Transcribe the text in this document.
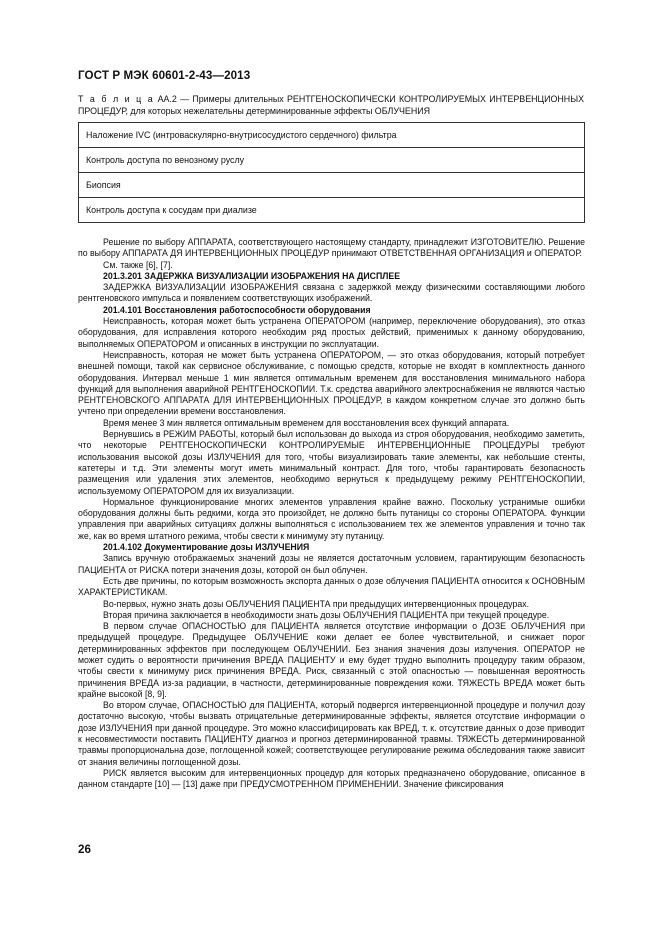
ГОСТ Р МЭК 60601-2-43—2013
Т а б л и ц а АА.2 — Примеры длительных РЕНТГЕНОСКОПИЧЕСКИ КОНТРОЛИРУЕМЫХ ИНТЕРВЕНЦИОННЫХ ПРОЦЕДУР, для которых нежелательны детерминированные эффекты ОБЛУЧЕНИЯ
Наложение IVC (интроваскулярно-внутрисосудистого сердечного) фильтра
Контроль доступа по венозному руслу
Биопсия
Контроль доступа к сосудам при диализе

Решение по выбору АППАРАТА, соответствующего настоящему стандарту, принадлежит ИЗГОТОВИТЕЛЮ. Решение по выбору АППАРАТА ДЯ ИНТЕРВЕНЦИОННЫХ ПРОЦЕДУР принимают ОТВЕТСТВЕННАЯ ОРГАНИЗАЦИЯ и ОПЕРАТОР.

См. также [6], [7].

201.3.201 ЗАДЕРЖКА ВИЗУАЛИЗАЦИИ ИЗОБРАЖЕНИЯ НА ДИСПЛЕЕ

ЗАДЕРЖКА ВИЗУАЛИЗАЦИИ ИЗОБРАЖЕНИЯ связана с задержкой между физическими составляющими любого рентгеновского импульса и появлением соответствующих изображений.

201.4.101 Восстановления работоспособности оборудования

Неисправность, которая может быть устранена ОПЕРАТОРОМ (например, переключение оборудования), это отказ оборудования, для исправления которого необходим ряд простых действий, применимых к данному оборудованию, выполняемых ОПЕРАТОРОМ и описанных в инструкции по эксплуатации.

Неисправность, которая не может быть устранена ОПЕРАТОРОМ, — это отказ оборудования, который потребует внешней помощи, такой как сервисное обслуживание, с помощью средств, которые не входят в комплектность данного оборудования. Интервал меньше 1 мин является оптимальным временем для восстановления минимального набора функций для выполнения аварийной РЕНТГЕНОСКОПИИ. Т.к. средства аварийного электроснабжения не являются частью РЕНТГЕНОВСКОГО АППАРАТА ДЛЯ ИНТЕРВЕНЦИОННЫХ ПРОЦЕДУР, в каждом конкретном случае это должно быть учтено при определении времени восстановления.

Время менее 3 мин является оптимальным временем для восстановления всех функций аппарата.

Вернувшись в РЕЖИМ РАБОТЫ, который был использован до выхода из строя оборудования, необходимо заметить, что некоторые РЕНТГЕНОСКОПИЧЕСКИ КОНТРОЛИРУЕМЫЕ ИНТЕРВЕНЦИОННЫЕ ПРОЦЕДУРЫ требуют использования высокой дозы ИЗЛУЧЕНИЯ для того, чтобы визуализировать такие элементы, как небольшие стенты, катетеры и т.д. Эти элементы могут иметь минимальный контраст. Для того, чтобы гарантировать безопасность размещения или удаления этих элементов, необходимо вернуться к предыдущему режиму РЕНТГЕНОСКОПИИ, используемому ОПЕРАТОРОМ для их визуализации.

Нормальное функционирование многих элементов управления крайне важно. Поскольку устранимые ошибки оборудования должны быть редкими, когда это произойдет, не должно быть путаницы со стороны ОПЕРАТОРА. Функции управления при аварийных ситуациях должны выполняться с использованием тех же элементов управления и точно так же, как во время штатного режима, чтобы свести к минимуму эту путаницу.

201.4.102 Документирование дозы ИЗЛУЧЕНИЯ

Запись вручную отображаемых значений дозы не является достаточным условием, гарантирующим безопасность ПАЦИЕНТА от РИСКА потери значения дозы, которой он был облучен.

Есть две причины, по которым возможность экспорта данных о дозе облучения ПАЦИЕНТА относится к ОСНОВНЫМ ХАРАКТЕРИСТИКАМ.

Во-первых, нужно знать дозы ОБЛУЧЕНИЯ ПАЦИЕНТА при предыдущих интервенционных процедурах.

Вторая причина заключается в необходимости знать дозы ОБЛУЧЕНИЯ ПАЦИЕНТА при текущей процедуре.

В первом случае ОПАСНОСТЬЮ для ПАЦИЕНТА является отсутствие информации о ДОЗЕ ОБЛУЧЕНИЯ при предыдущей процедуре. Предыдущее ОБЛУЧЕНИЕ кожи делает ее более чувствительной, и снижает порог детерминированных эффектов при последующем ОБЛУЧЕНИИ. Без знания значения дозы излучения. ОПЕРАТОР не может судить о вероятности причинения ВРЕДА ПАЦИЕНТУ и ему будет трудно выполнить процедуру таким образом, чтобы свести к минимуму риск причинения ВРЕДА. Риск, связанный с этой опасностью — повышенная вероятность причинения ВРЕДА из-за радиации, в частности, детерминированные повреждения кожи. ТЯЖЕСТЬ ВРЕДА может быть крайне высокой [8, 9].

Во втором случае, ОПАСНОСТЬЮ для ПАЦИЕНТА, который подвергся интервенционной процедуре и получил дозу достаточно высокую, чтобы вызвать отрицательные детерминированные эффекты, является отсутствие информации о дозе ИЗЛУЧЕНИЯ при данной процедуре. Это можно классифицировать как ВРЕД, т. к. отсутствие данных о дозе приводит к несовместимости поставить ПАЦИЕНТУ диагноз и прогноз детерминированной травмы. ТЯЖЕСТЬ детерминированной травмы пропорциональна дозе, поглощенной кожей; соответствующее регулирование режима обследования также зависит от знания величины поглощенной дозы.

РИСК является высоким для интервенционных процедур для которых предназначено оборудование, описанное в данном стандарте [10] — [13] даже при ПРЕДУСМОТРЕННОМ ПРИМЕНЕНИИ. Значение фиксирования

26
